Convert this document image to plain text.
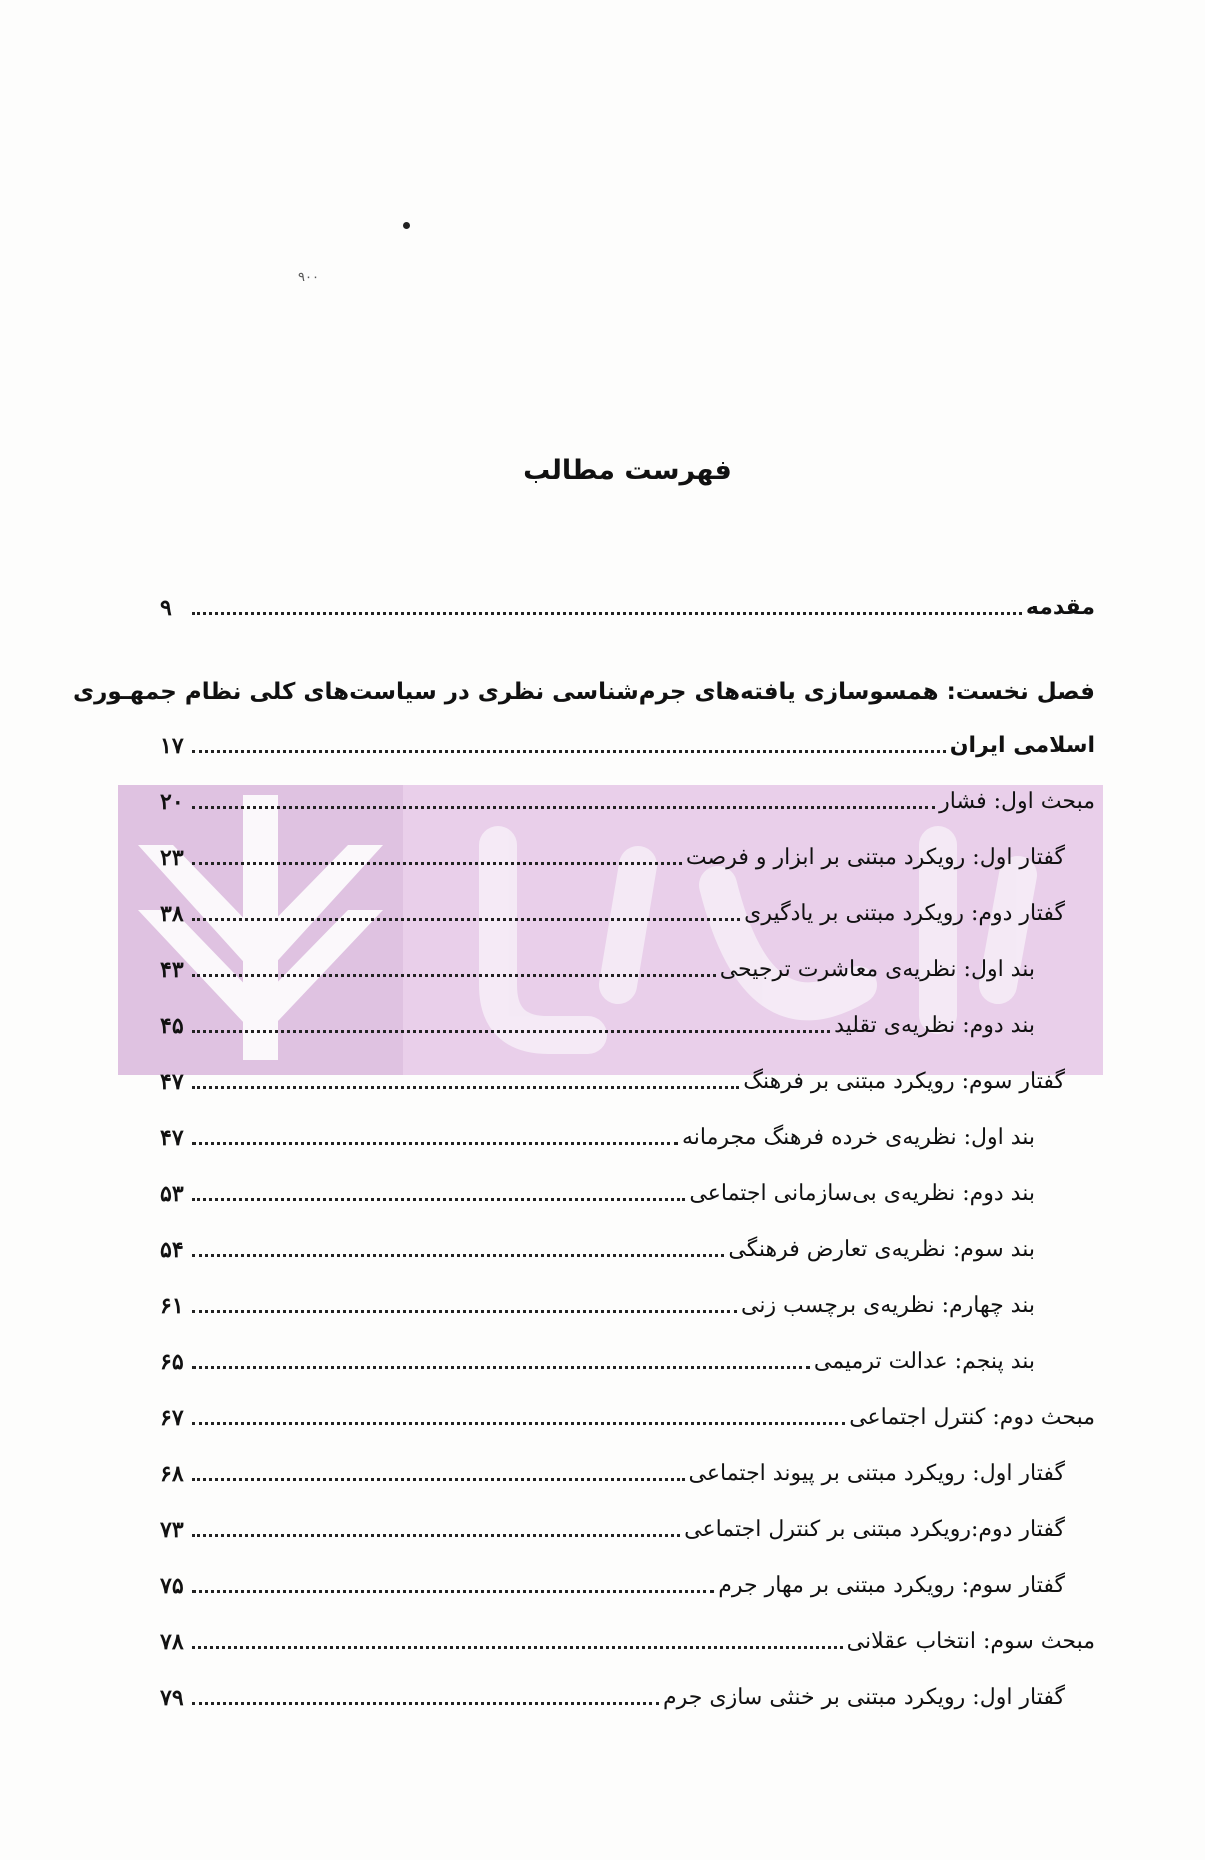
۹۰۰
فهرست مطالب
مقدمه
۹
فصل نخست: همسوسازی یافته‌های جرم‌شناسی نظری در سیاست‌های کلی نظام جمهـوری
اسلامی ایران
۱۷
مبحث اول: فشار
۲۰
گفتار اول: رویکرد مبتنی بر ابزار و فرصت
۲۳
گفتار دوم: رویکرد مبتنی بر یادگیری
۳۸
بند اول: نظریه‌ی معاشرت ترجیحی
۴۳
بند دوم: نظریه‌ی تقلید
۴۵
گفتار سوم: رویکرد مبتنی بر فرهنگ
۴۷
بند اول: نظریه‌ی خرده فرهنگ مجرمانه
۴۷
بند دوم: نظریه‌ی بی‌سازمانی اجتماعی
۵۳
بند سوم: نظریه‌ی تعارض فرهنگی
۵۴
بند چهارم: نظریه‌ی برچسب زنی
۶۱
بند پنجم: عدالت ترمیمی
۶۵
مبحث دوم: کنترل اجتماعی
۶۷
گفتار اول: رویکرد مبتنی بر پیوند اجتماعی
۶۸
گفتار دوم:رویکرد مبتنی بر کنترل اجتماعی
۷۳
گفتار سوم: رویکرد مبتنی بر مهار جرم
۷۵
مبحث سوم: انتخاب عقلانی
۷۸
گفتار اول: رویکرد مبتنی بر خنثی سازی جرم
۷۹
